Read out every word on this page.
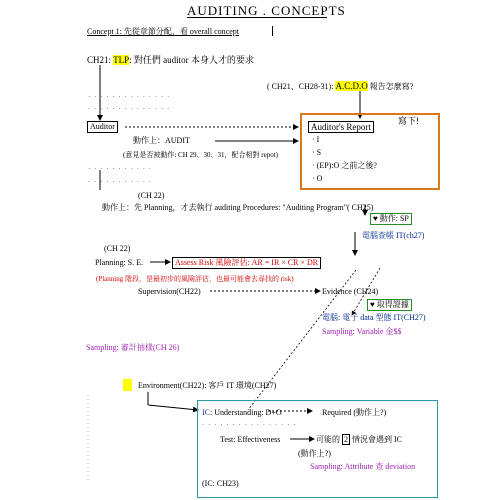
AUDITING . CONCEPTS
Concept 1: 先從章節分配，看 overall concept
CH21: TLP: 對任們 auditor 本身人才的要求
( CH21、CH28-31): A.C.D.O 報告怎麼寫?
· · · · · · · · · · · · · ·
· · · · · · · · · · · · · ·
Auditor	Auditor's Report
· I
· S
· (EP):O 之前之後?
· O
寫下!
動作上：AUDIT
(意見是否被動作: CH 29、30、31，配合相對 repot)
· · · · · · · · · · ·
· · · · · · · · · · ·
(CH 22)
動作上：先 Planning，才去執行 auditing Procedures: "Auditing Program"( CH25)
♥ 動作: SP
電腦查帳 IT(ch27)
(CH 22)
Planning: S. E.	Assess Risk 風險評估: AR = IR × CR × DR
(Planning 階段，是最初步的風險評估，也最可能會去尋找的 risk)
Supervision(CH22)	Evidence (CH24)
♥ 取得證據
電腦: 電子 data 型態 IT(CH27)
Sampling: Variable 金$$
Sampling: 審計抽樣(CH 26)
Environment(CH22): 客戶 IT 環境(CH27)
IC: Understanding: D+O	Required (動作上?)
· · · · · · · · · · · · · · · ·
Test: Effectiveness	可能的 2 情況會遇到 IC
(動作上?)
Sampling: Attribute 查 deviation
(IC: CH23)
